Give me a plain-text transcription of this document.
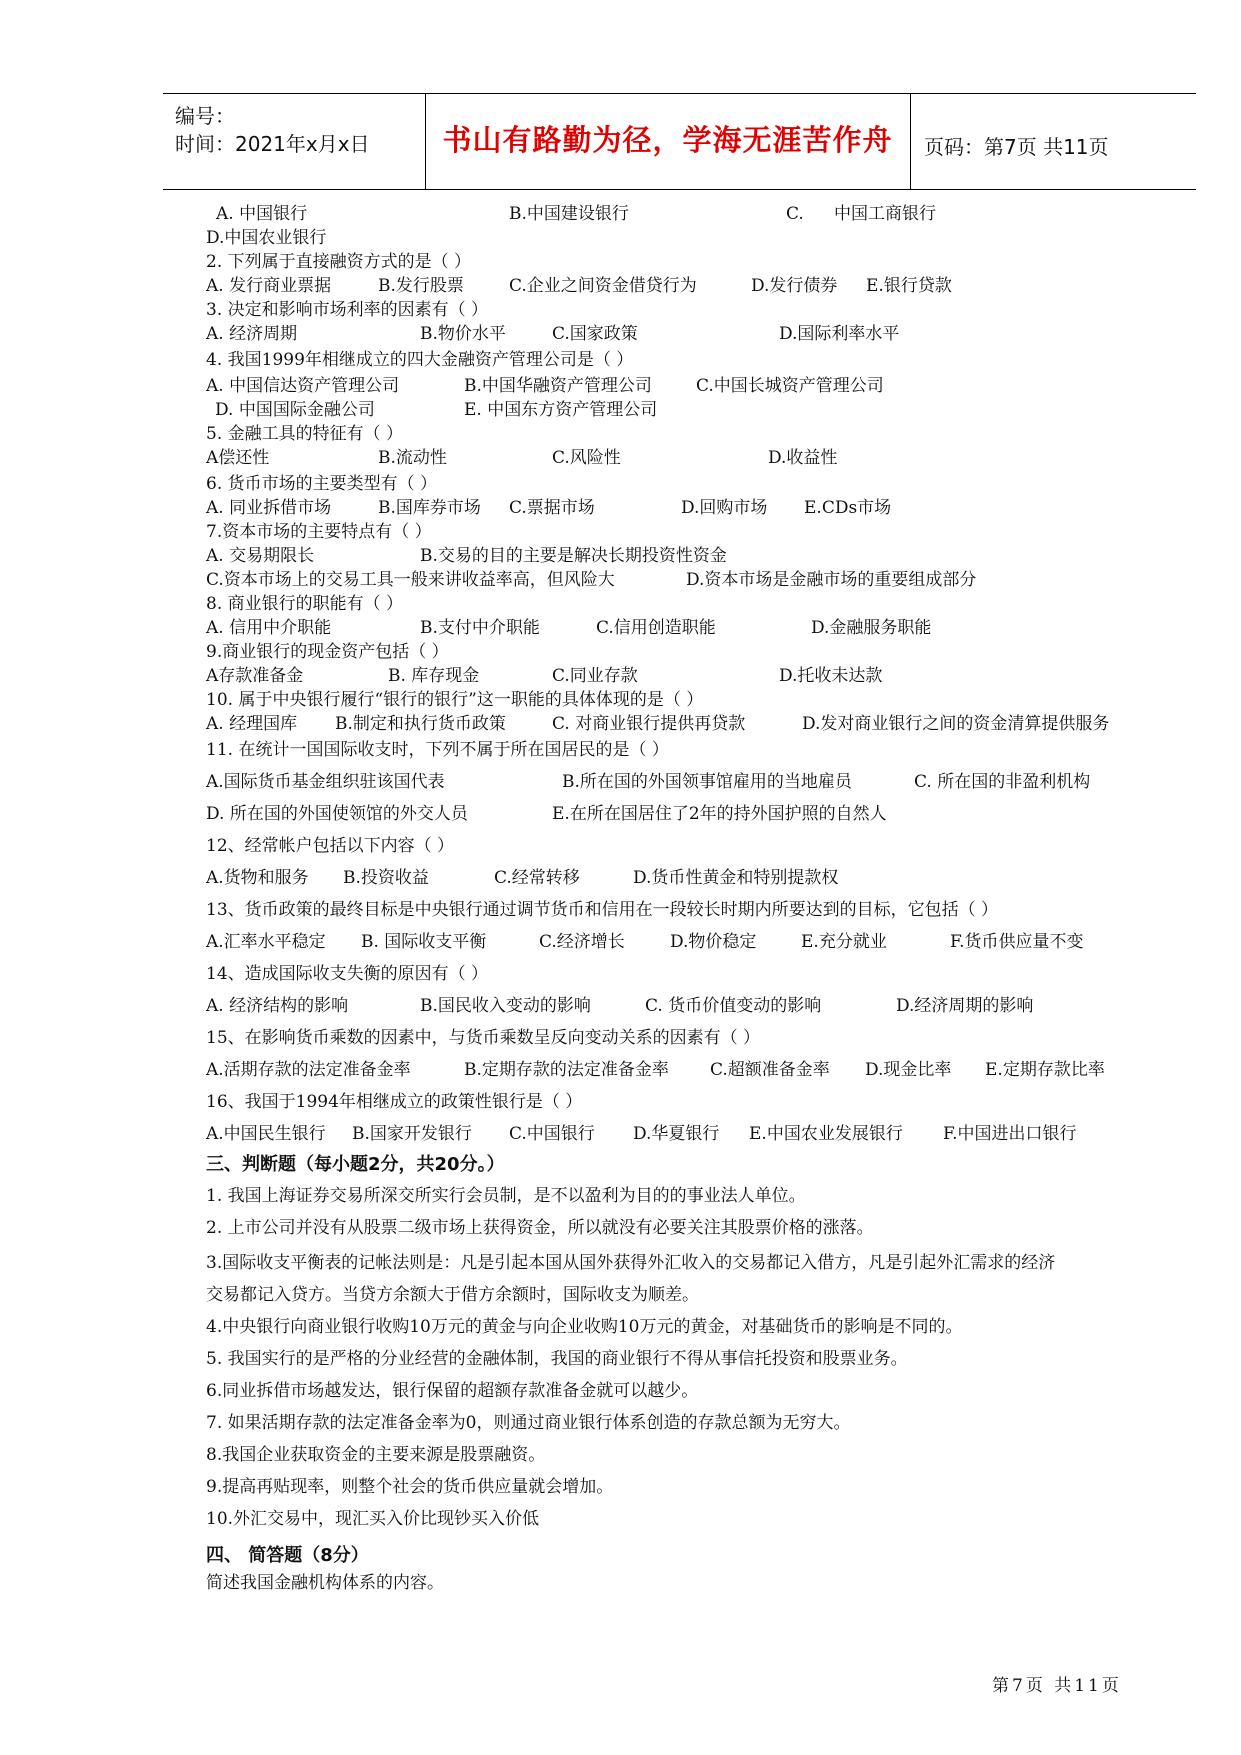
编号：
时间：2021年x月x日	书山有路勤为径，学海无涯苦作舟	页码：第7页 共11页
A. 中国银行	B.中国建设银行	C. 中国工商银行
D.中国农业银行
2. 下列属于直接融资方式的是（ ）
A. 发行商业票据	B.发行股票	C.企业之间资金借贷行为	D.发行债券 E.银行贷款
3. 决定和影响市场利率的因素有（ ）
A. 经济周期	B.物价水平	C.国家政策	D.国际利率水平
4. 我国1999年相继成立的四大金融资产管理公司是（ ）
A. 中国信达资产管理公司	B.中国华融资产管理公司	C.中国长城资产管理公司
D. 中国国际金融公司	E. 中国东方资产管理公司
5. 金融工具的特征有（ ）
A偿还性	B.流动性	C.风险性	D.收益性
6. 货币市场的主要类型有（ ）
A. 同业拆借市场	B.国库券市场 C.票据市场	D.回购市场 E.CDs市场
7.资本市场的主要特点有（ ）
A. 交易期限长	B.交易的目的主要是解决长期投资性资金
C.资本市场上的交易工具一般来讲收益率高，但风险大	D.资本市场是金融市场的重要组成部分
8. 商业银行的职能有（ ）
A. 信用中介职能	B.支付中介职能	C.信用创造职能	D.金融服务职能
9.商业银行的现金资产包括（ ）
A存款准备金	B. 库存现金	C.同业存款	D.托收未达款
10. 属于中央银行履行“银行的银行”这一职能的具体体现的是（ ）
A. 经理国库 B.制定和执行货币政策	C. 对商业银行提供再贷款	D.发对商业银行之间的资金清算提供服务
11. 在统计一国国际收支时，下列不属于所在国居民的是（ ）
A.国际货币基金组织驻该国代表	B.所在国的外国领事馆雇用的当地雇员	C. 所在国的非盈利机构
D. 所在国的外国使领馆的外交人员	E.在所在国居住了2年的持外国护照的自然人
12、经常帐户包括以下内容（ ）
A.货物和服务 B.投资收益	C.经常转移	D.货币性黄金和特别提款权
13、货币政策的最终目标是中央银行通过调节货币和信用在一段较长时期内所要达到的目标，它包括（ ）
A.汇率水平稳定 B. 国际收支平衡	C.经济增长	D.物价稳定	E.充分就业	F.货币供应量不变
14、造成国际收支失衡的原因有（ ）
A. 经济结构的影响	B.国民收入变动的影响	C. 货币价值变动的影响	D.经济周期的影响
15、在影响货币乘数的因素中，与货币乘数呈反向变动关系的因素有（ ）
A.活期存款的法定准备金率	B.定期存款的法定准备金率 C.超额准备金率 D.现金比率 E.定期存款比率
16、我国于1994年相继成立的政策性银行是（ ）
A.中国民生银行 B.国家开发银行 C.中国银行 D.华夏银行 E.中国农业发展银行 F.中国进出口银行
三、判断题（每小题2分，共20分。）
1. 我国上海证券交易所深交所实行会员制，是不以盈利为目的的事业法人单位。
2. 上市公司并没有从股票二级市场上获得资金，所以就没有必要关注其股票价格的涨落。
3.国际收支平衡表的记帐法则是：凡是引起本国从国外获得外汇收入的交易都记入借方，凡是引起外汇需求的经济
交易都记入贷方。当贷方余额大于借方余额时，国际收支为顺差。
4.中央银行向商业银行收购10万元的黄金与向企业收购10万元的黄金，对基础货币的影响是不同的。
5. 我国实行的是严格的分业经营的金融体制，我国的商业银行不得从事信托投资和股票业务。
6.同业拆借市场越发达，银行保留的超额存款准备金就可以越少。
7. 如果活期存款的法定准备金率为0，则通过商业银行体系创造的存款总额为无穷大。
8.我国企业获取资金的主要来源是股票融资。
9.提高再贴现率，则整个社会的货币供应量就会增加。
10.外汇交易中，现汇买入价比现钞买入价低
四、 简答题（8分）
简述我国金融机构体系的内容。
第7页 共11页
